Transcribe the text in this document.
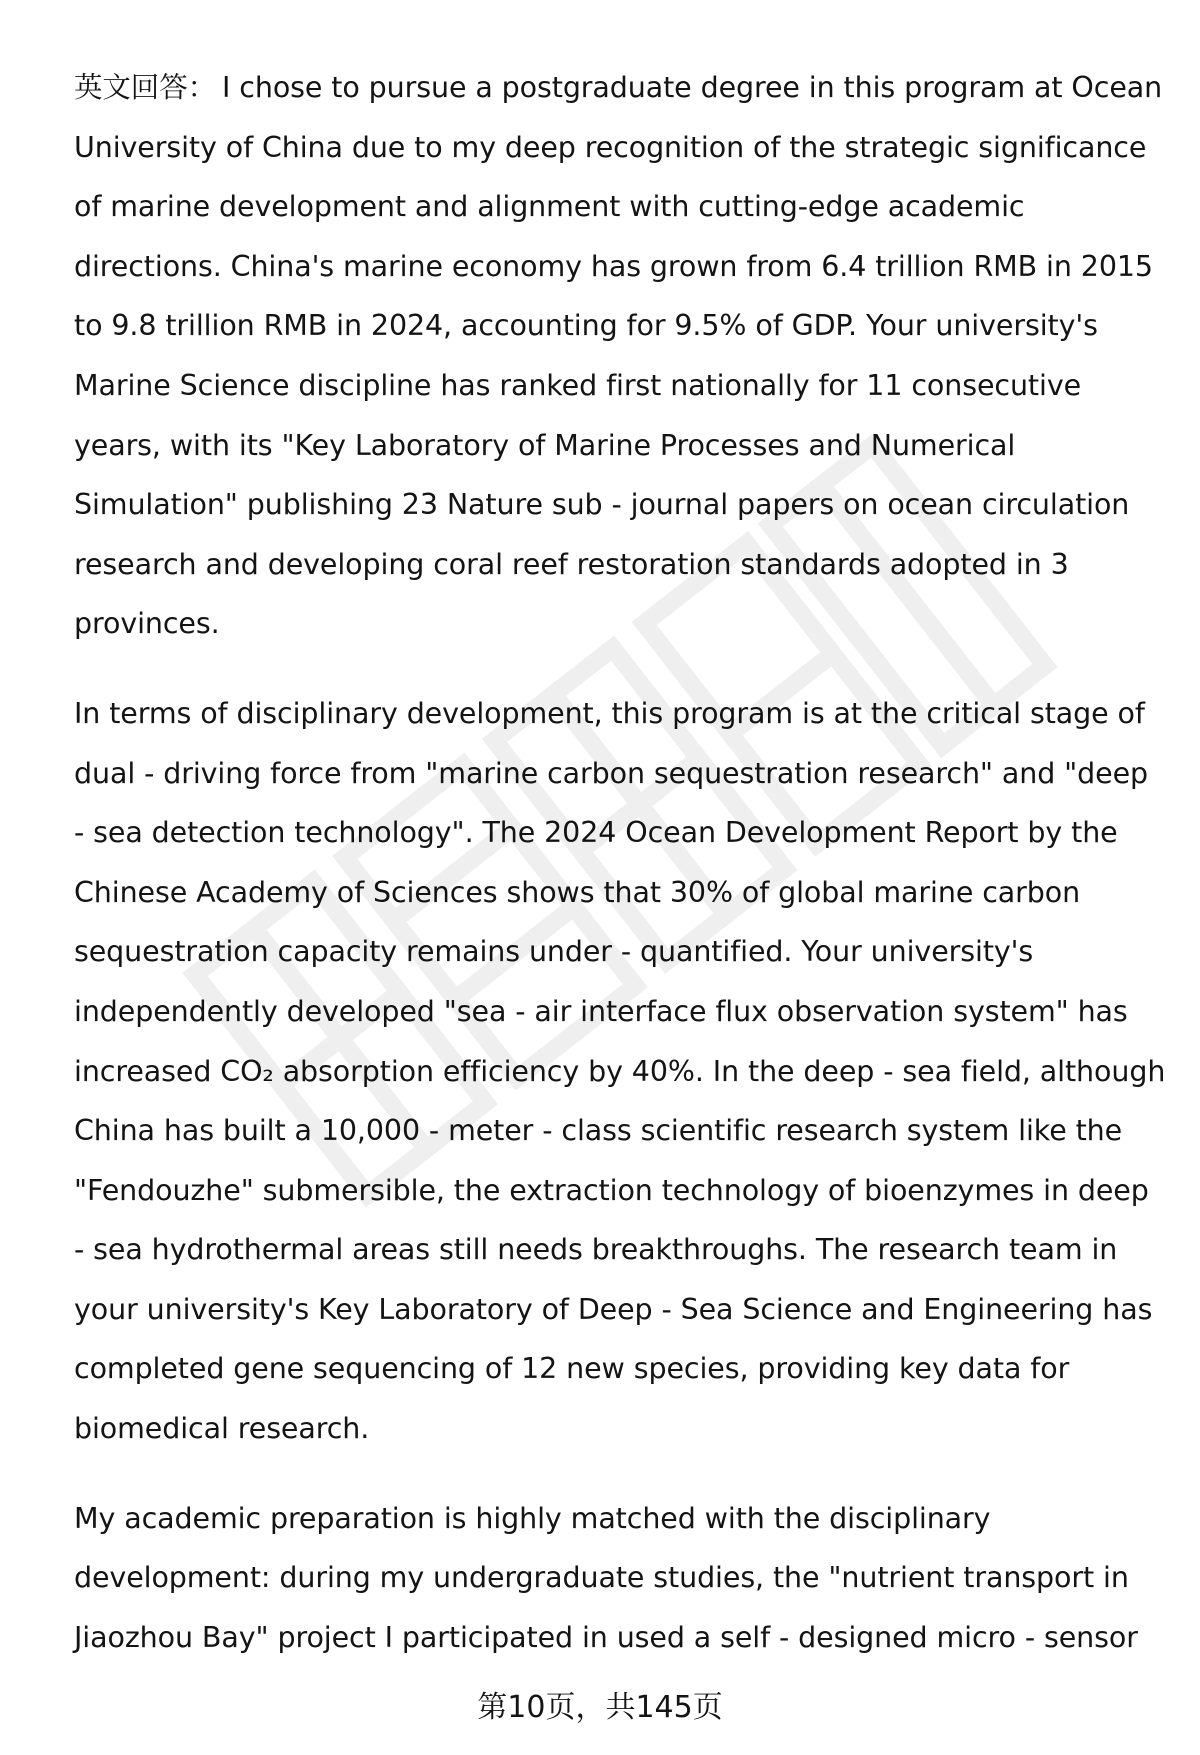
英文回答： I chose to pursue a postgraduate degree in this program at Ocean University of China due to my deep recognition of the strategic significance of marine development and alignment with cutting-edge academic directions. China's marine economy has grown from 6.4 trillion RMB in 2015 to 9.8 trillion RMB in 2024, accounting for 9.5% of GDP. Your university's Marine Science discipline has ranked first nationally for 11 consecutive years, with its "Key Laboratory of Marine Processes and Numerical Simulation" publishing 23 Nature sub - journal papers on ocean circulation research and developing coral reef restoration standards adopted in 3 provinces.

In terms of disciplinary development, this program is at the critical stage of dual - driving force from "marine carbon sequestration research" and "deep - sea detection technology". The 2024 Ocean Development Report by the Chinese Academy of Sciences shows that 30% of global marine carbon sequestration capacity remains under - quantified. Your university's independently developed "sea - air interface flux observation system" has increased CO₂ absorption efficiency by 40%. In the deep - sea field, although China has built a 10,000 - meter - class scientific research system like the "Fendouzhe" submersible, the extraction technology of bioenzymes in deep - sea hydrothermal areas still needs breakthroughs. The research team in your university's Key Laboratory of Deep - Sea Science and Engineering has completed gene sequencing of 12 new species, providing key data for biomedical research.

My academic preparation is highly matched with the disciplinary development: during my undergraduate studies, the "nutrient transport in Jiaozhou Bay" project I participated in used a self - designed micro - sensor

第10页，共145页
